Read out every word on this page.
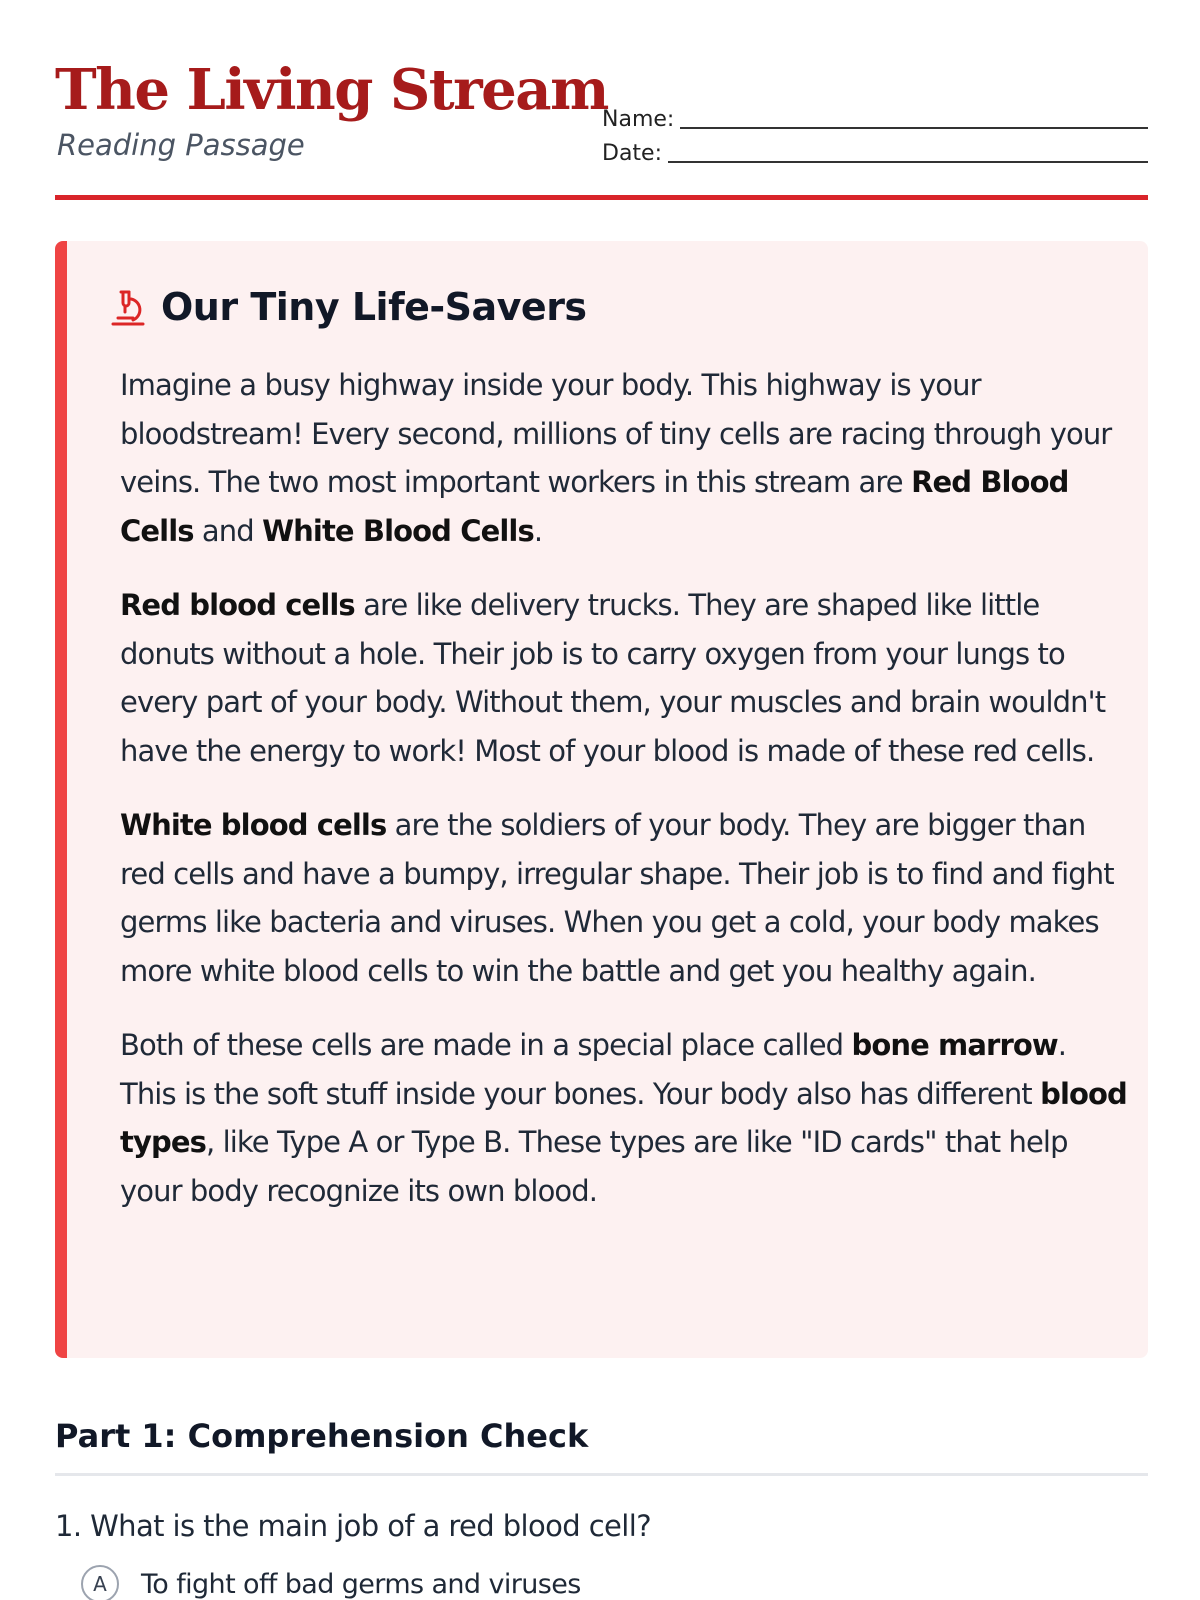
The Living Stream
Reading Passage
Name:
Date:
Our Tiny Life-Savers

Imagine a busy highway inside your body. This highway is your bloodstream! Every second, millions of tiny cells are racing through your veins. The two most important workers in this stream are Red Blood Cells and White Blood Cells.

Red blood cells are like delivery trucks. They are shaped like little donuts without a hole. Their job is to carry oxygen from your lungs to every part of your body. Without them, your muscles and brain wouldn't have the energy to work! Most of your blood is made of these red cells.

White blood cells are the soldiers of your body. They are bigger than red cells and have a bumpy, irregular shape. Their job is to find and fight germs like bacteria and viruses. When you get a cold, your body makes more white blood cells to win the battle and get you healthy again.

Both of these cells are made in a special place called bone marrow. This is the soft stuff inside your bones. Your body also has different blood types, like Type A or Type B. These types are like "ID cards" that help your body recognize its own blood.

Part 1: Comprehension Check
1. What is the main job of a red blood cell?
A	To fight off bad germs and viruses
